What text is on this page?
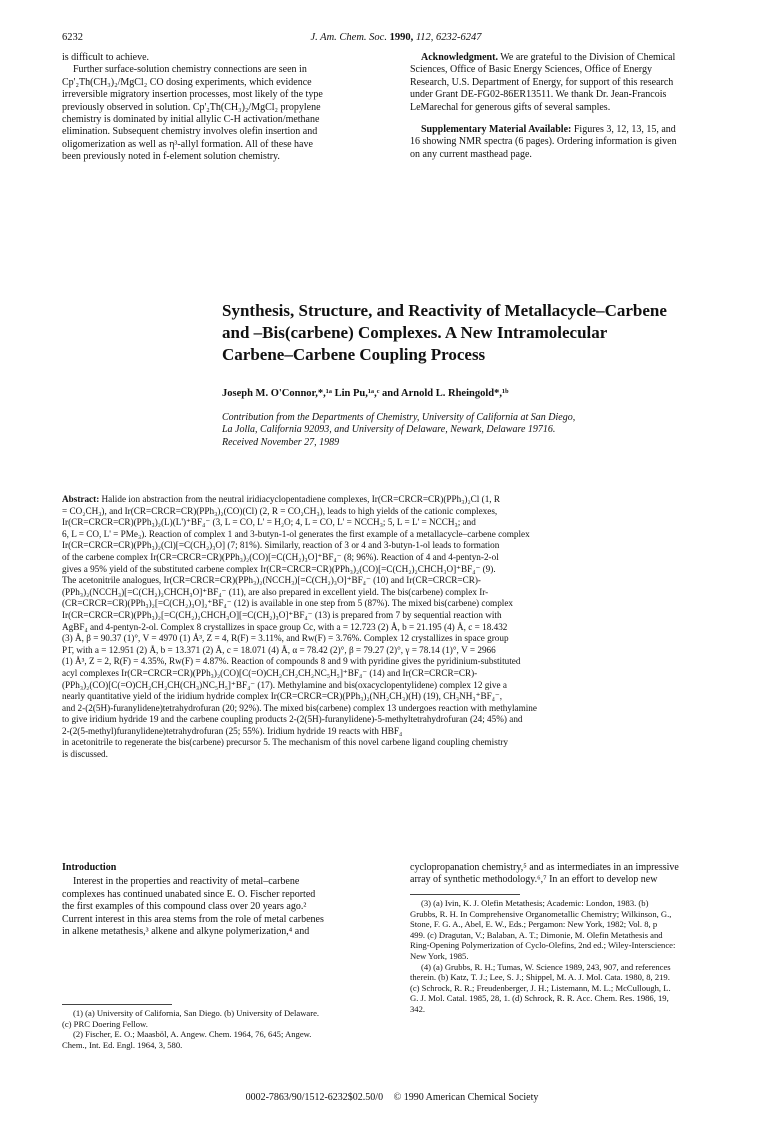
6232	J. Am. Chem. Soc. 1990, 112, 6232-6247
is difficult to achieve.
Further surface-solution chemistry connections are seen in
Cp'₂Th(CH₃)₂/MgCl₂ CO dosing experiments, which evidence
irreversible migratory insertion processes, most likely of the type
previously observed in solution. Cp'₂Th(CH₃)₂/MgCl₂ propylene
chemistry is dominated by initial allylic C-H activation/methane
elimination. Subsequent chemistry involves olefin insertion and
oligomerization as well as η³-allyl formation. All of these have
been previously noted in f-element solution chemistry.
Acknowledgment. We are grateful to the Division of Chemical
Sciences, Office of Basic Energy Sciences, Office of Energy
Research, U.S. Department of Energy, for support of this research
under Grant DE-FG02-86ER13511. We thank Dr. Jean-Francois
LeMarechal for generous gifts of several samples.
Supplementary Material Available: Figures 3, 12, 13, 15, and
16 showing NMR spectra (6 pages). Ordering information is given
on any current masthead page.
Synthesis, Structure, and Reactivity of Metallacycle–Carbene
and –Bis(carbene) Complexes. A New Intramolecular
Carbene–Carbene Coupling Process
Joseph M. O'Connor,*,¹ᵃ Lin Pu,¹ᵃ,ᶜ and Arnold L. Rheingold*,¹ᵇ
Contribution from the Departments of Chemistry, University of California at San Diego,
La Jolla, California 92093, and University of Delaware, Newark, Delaware 19716.
Received November 27, 1989
Abstract: Halide ion abstraction from the neutral iridiacyclopentadiene complexes, Ir(CR=CRCR=CR)(PPh₃)₂Cl (1, R
= CO₂CH₃), and Ir(CR=CRCR=CR)(PPh₃)₂(CO)(Cl) (2, R = CO₂CH₃), leads to high yields of the cationic complexes,
Ir(CR=CRCR=CR)(PPh₃)₂(L)(L')⁺BF₄⁻ (3, L = CO, L' = H₂O; 4, L = CO, L' = NCCH₃; 5, L = L' = NCCH₃; and
6, L = CO, L' = PMe₃). Reaction of complex 1 and 3-butyn-1-ol generates the first example of a metallacycle–carbene complex
Ir(CR=CRCR=CR)(PPh₃)₂(Cl)[=C(CH₂)₃O] (7; 81%). Similarly, reaction of 3 or 4 and 3-butyn-1-ol leads to formation
of the carbene complex Ir(CR=CRCR=CR)(PPh₃)₂(CO)[=C(CH₂)₃O]⁺BF₄⁻ (8; 96%). Reaction of 4 and 4-pentyn-2-ol
gives a 95% yield of the substituted carbene complex Ir(CR=CRCR=CR)(PPh₃)₂(CO)[=C(CH₂)₂CHCH₃O]⁺BF₄⁻ (9).
The acetonitrile analogues, Ir(CR=CRCR=CR)(PPh₃)₂(NCCH₃)[=C(CH₂)₃O]⁺BF₄⁻ (10) and Ir(CR=CRCR=CR)-
(PPh₃)₂(NCCH₃)[=C(CH₂)₂CHCH₃O]⁺BF₄⁻ (11), are also prepared in excellent yield. The bis(carbene) complex Ir-
(CR=CRCR=CR)(PPh₃)₂[=C(CH₂)₃O]₂⁺BF₄⁻ (12) is available in one step from 5 (87%). The mixed bis(carbene) complex
Ir(CR=CRCR=CR)(PPh₃)₂[=C(CH₂)₂CHCH₃O][=C(CH₂)₃O]⁺BF₄⁻ (13) is prepared from 7 by sequential reaction with
AgBF₄ and 4-pentyn-2-ol. Complex 8 crystallizes in space group Cc, with a = 12.723 (2) Å, b = 21.195 (4) Å, c = 18.432
(3) Å, β = 90.37 (1)°, V = 4970 (1) Å³, Z = 4, R(F) = 3.11%, and Rw(F) = 3.76%. Complex 12 crystallizes in space group
P1̄, with a = 12.951 (2) Å, b = 13.371 (2) Å, c = 18.071 (4) Å, α = 78.42 (2)°, β = 79.27 (2)°, γ = 78.14 (1)°, V = 2966
(1) Å³, Z = 2, R(F) = 4.35%, Rw(F) = 4.87%. Reaction of compounds 8 and 9 with pyridine gives the pyridinium-substituted
acyl complexes Ir(CR=CRCR=CR)(PPh₃)₂(CO)[C(=O)CH₂CH₂CH₂NC₅H₅]⁺BF₄⁻ (14) and Ir(CR=CRCR=CR)-
(PPh₃)₂(CO)[C(=O)CH₂CH₂CH(CH₃)NC₅H₅]⁺BF₄⁻ (17). Methylamine and bis(oxacyclopentylidene) complex 12 give a
nearly quantitative yield of the iridium hydride complex Ir(CR=CRCR=CR)(PPh₃)₂(NH₂CH₃)(H) (19), CH₃NH₃⁺BF₄⁻,
and 2-(2(5H)-furanylidene)tetrahydrofuran (20; 92%). The mixed bis(carbene) complex 13 undergoes reaction with methylamine
to give iridium hydride 19 and the carbene coupling products 2-(2(5H)-furanylidene)-5-methyltetrahydrofuran (24; 45%) and
2-(2(5-methyl)furanylidene)tetrahydrofuran (25; 55%). Iridium hydride 19 reacts with HBF₄
in acetonitrile to regenerate the bis(carbene) precursor 5. The mechanism of this novel carbene ligand coupling chemistry
is discussed.
Introduction
Interest in the properties and reactivity of metal–carbene
complexes has continued unabated since E. O. Fischer reported
the first examples of this compound class over 20 years ago.²
Current interest in this area stems from the role of metal carbenes
in alkene metathesis,³ alkene and alkyne polymerization,⁴ and
cyclopropanation chemistry,⁵ and as intermediates in an impressive
array of synthetic methodology.⁶,⁷ In an effort to develop new
(1) (a) University of California, San Diego. (b) University of Delaware.
(c) PRC Doering Fellow.
(2) Fischer, E. O.; Maasböl, A. Angew. Chem. 1964, 76, 645; Angew.
Chem., Int. Ed. Engl. 1964, 3, 580.
(3) (a) Ivin, K. J. Olefin Metathesis; Academic: London, 1983. (b)
Grubbs, R. H. In Comprehensive Organometallic Chemistry; Wilkinson, G.,
Stone, F. G. A., Abel, E. W., Eds.; Pergamon: New York, 1982; Vol. 8, p
499. (c) Dragutan, V.; Balaban, A. T.; Dimonie, M. Olefin Metathesis and
Ring-Opening Polymerization of Cyclo-Olefins, 2nd ed.; Wiley-Interscience:
New York, 1985.
(4) (a) Grubbs, R. H.; Tumas, W. Science 1989, 243, 907, and references
therein. (b) Katz, T. J.; Lee, S. J.; Shippel, M. A. J. Mol. Cata. 1980, 8, 219.
(c) Schrock, R. R.; Freudenberger, J. H.; Listemann, M. L.; McCullough, L.
G. J. Mol. Catal. 1985, 28, 1. (d) Schrock, R. R. Acc. Chem. Res. 1986, 19,
342.
0002-7863/90/1512-6232$02.50/0 © 1990 American Chemical Society
